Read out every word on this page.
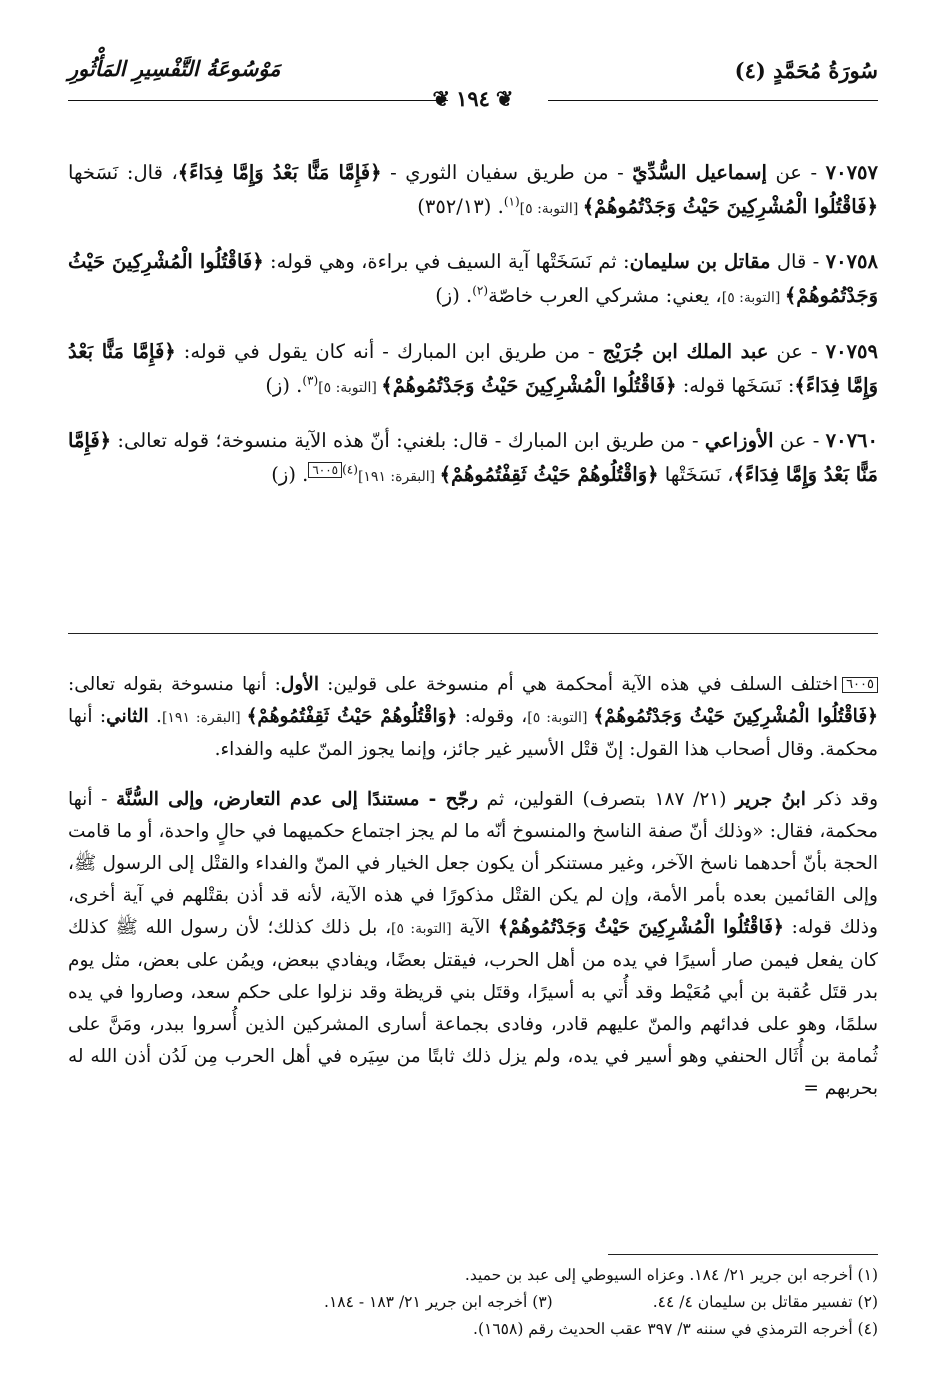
سُورَةُ مُحَمَّدٍ (٤)
مَوْسُوعَةُ التَّفْسِيرِ المَأْثُورِ
❦١٩٤❦

٧٠٧٥٧ - عن إسماعيل السُّدِّيّ - من طريق سفيان الثوري - ﴿فَإِمَّا مَنًّا بَعْدُ وَإِمَّا فِدَاءً﴾، قال: نَسَخها ﴿فَاقْتُلُوا الْمُشْرِكِينَ حَيْثُ وَجَدْتُمُوهُمْ﴾ [التوبة: ٥]$^{(١)}$. (٣٥٢/١٣)

٧٠٧٥٨ - قال مقاتل بن سليمان: ثم نَسَخَتْها آية السيف في براءة، وهي قوله: ﴿فَاقْتُلُوا الْمُشْرِكِينَ حَيْثُ وَجَدْتُمُوهُمْ﴾ [التوبة: ٥]، يعني: مشركي العرب خاصّة$^{(٢)}$. (ز)

٧٠٧٥٩ - عن عبد الملك ابن جُرَيْج - من طريق ابن المبارك - أنه كان يقول في قوله: ﴿فَإِمَّا مَنًّا بَعْدُ وَإِمَّا فِدَاءً﴾: نَسَخَها قوله: ﴿فَاقْتُلُوا الْمُشْرِكِينَ حَيْثُ وَجَدْتُمُوهُمْ﴾ [التوبة: ٥]$^{(٣)}$. (ز)

٧٠٧٦٠ - عن الأوزاعي - من طريق ابن المبارك - قال: بلغني: أنّ هذه الآية منسوخة؛ قوله تعالى: ﴿فَإِمَّا مَنًّا بَعْدُ وَإِمَّا فِدَاءً﴾، نَسَخَتْها ﴿وَاقْتُلُوهُمْ حَيْثُ ثَقِفْتُمُوهُمْ﴾ [البقرة: ١٩١]$^{(٤)}$٦٠٠٥. (ز)

٦٠٠٥اختلف السلف في هذه الآية أمحكمة هي أم منسوخة على قولين: الأول: أنها منسوخة بقوله تعالى: ﴿فَاقْتُلُوا الْمُشْرِكِينَ حَيْثُ وَجَدْتُمُوهُمْ﴾ [التوبة: ٥]، وقوله: ﴿وَاقْتُلُوهُمْ حَيْثُ ثَقِفْتُمُوهُمْ﴾ [البقرة: ١٩١]. الثاني: أنها محكمة. وقال أصحاب هذا القول: إنّ قتْل الأسير غير جائز، وإنما يجوز المنّ عليه والفداء.

وقد ذكر ابنُ جرير (٢١/ ١٨٧ بتصرف) القولين، ثم رجّح - مستندًا إلى عدم التعارض، وإلى السُّنَّة - أنها محكمة، فقال: «وذلك أنّ صفة الناسخ والمنسوخ أنّه ما لم يجز اجتماع حكميهما في حالٍ واحدة، أو ما قامت الحجة بأنّ أحدهما ناسخ الآخر، وغير مستنكر أن يكون جعل الخيار في المنّ والفداء والقتْل إلى الرسول ﷺ، وإلى القائمين بعده بأمر الأمة، وإن لم يكن القتْل مذكورًا في هذه الآية، لأنه قد أذن بقتْلهم في آية أخرى، وذلك قوله: ﴿فَاقْتُلُوا الْمُشْرِكِينَ حَيْثُ وَجَدْتُمُوهُمْ﴾ الآية [التوبة: ٥]، بل ذلك كذلك؛ لأن رسول الله ﷺ كذلك كان يفعل فيمن صار أسيرًا في يده من أهل الحرب، فيقتل بعضًا، ويفادي ببعض، ويمُن على بعض، مثل يوم بدر قتَل عُقبة بن أبي مُعَيْط وقد أُتي به أسيرًا، وقتَل بني قريظة وقد نزلوا على حكم سعد، وصاروا في يده سلمًا، وهو على فدائهم والمنّ عليهم قادر، وفادى بجماعة أسارى المشركين الذين أُسروا ببدر، ومَنَّ على ثُمامة بن أُثَال الحنفي وهو أسير في يده، ولم يزل ذلك ثابتًا من سِيَره في أهل الحرب مِن لَدُن أذن الله له بحربهم =

(١) أخرجه ابن جرير ٢١/ ١٨٤. وعزاه السيوطي إلى عبد بن حميد.
(٢) تفسير مقاتل بن سليمان ٤/ ٤٤.
(٣) أخرجه ابن جرير ٢١/ ١٨٣ - ١٨٤.
(٤) أخرجه الترمذي في سننه ٣/ ٣٩٧ عقب الحديث رقم (١٦٥٨).
